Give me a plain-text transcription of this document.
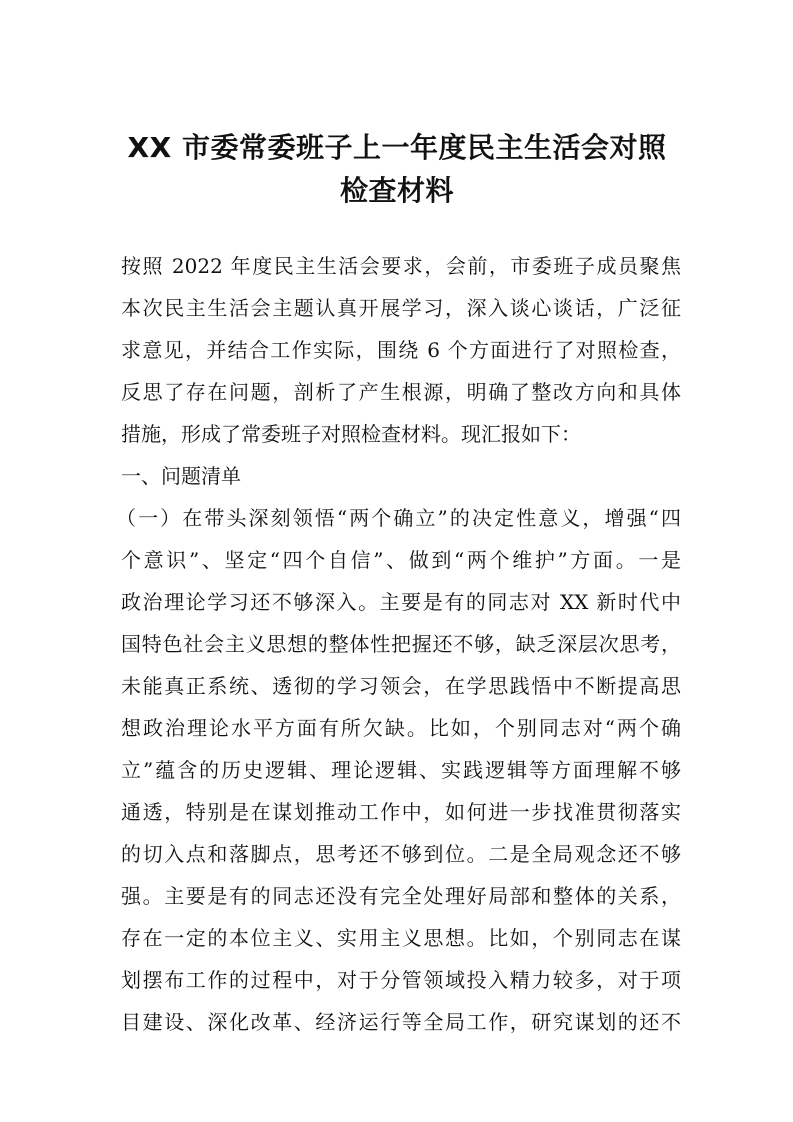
XX 市委常委班子上一年度民主生活会对照
检查材料

按照 2022 年度民主生活会要求，会前，市委班子成员聚焦

本次民主生活会主题认真开展学习，深入谈心谈话，广泛征

求意见，并结合工作实际，围绕 6 个方面进行了对照检查，

反思了存在问题，剖析了产生根源，明确了整改方向和具体

措施，形成了常委班子对照检查材料。现汇报如下：

一、问题清单

（一）在带头深刻领悟“两个确立”的决定性意义，增强“四

个意识”、坚定“四个自信”、做到“两个维护”方面。一是

政治理论学习还不够深入。主要是有的同志对 XX 新时代中

国特色社会主义思想的整体性把握还不够，缺乏深层次思考，

未能真正系统、透彻的学习领会，在学思践悟中不断提高思

想政治理论水平方面有所欠缺。比如，个别同志对“两个确

立”蕴含的历史逻辑、理论逻辑、实践逻辑等方面理解不够

通透，特别是在谋划推动工作中，如何进一步找准贯彻落实

的切入点和落脚点，思考还不够到位。二是全局观念还不够

强。主要是有的同志还没有完全处理好局部和整体的关系，

存在一定的本位主义、实用主义思想。比如，个别同志在谋

划摆布工作的过程中，对于分管领域投入精力较多，对于项

目建设、深化改革、经济运行等全局工作，研究谋划的还不
